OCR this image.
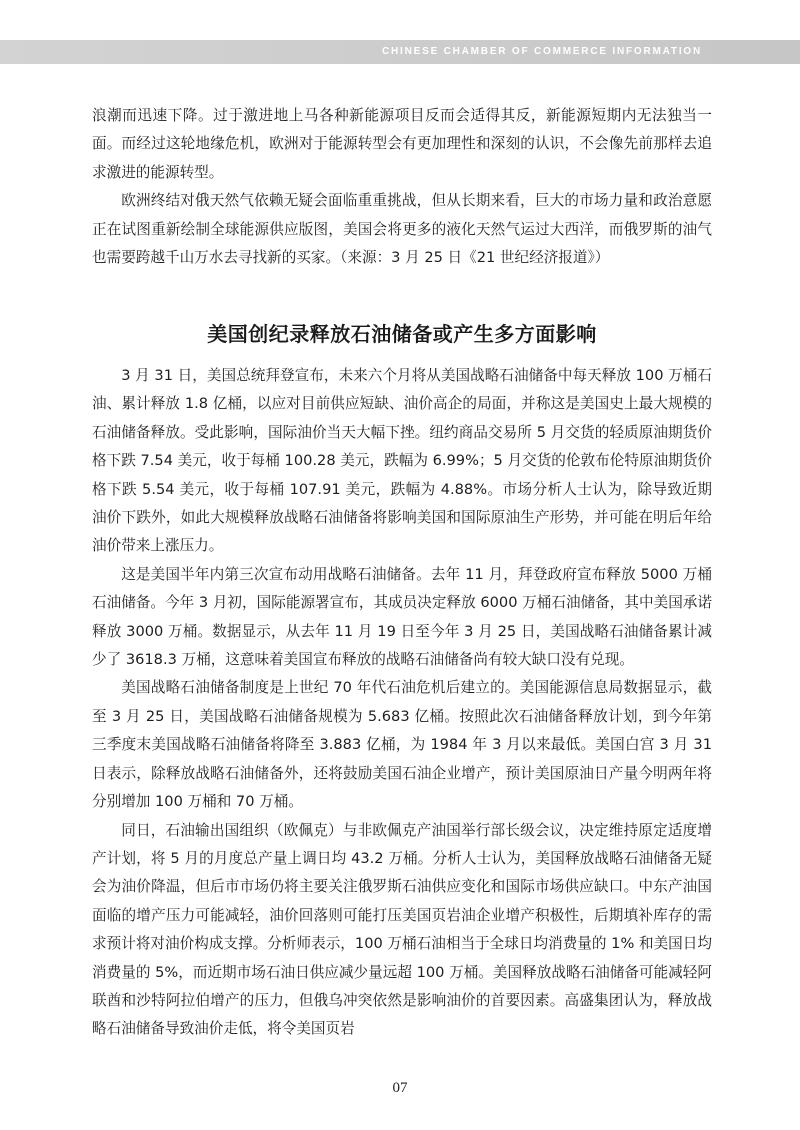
CHINESE CHAMBER OF COMMERCE INFORMATION

浪潮而迅速下降。过于激进地上马各种新能源项目反而会适得其反，新能源短期内无法独当一面。而经过这轮地缘危机，欧洲对于能源转型会有更加理性和深刻的认识，不会像先前那样去追求激进的能源转型。

欧洲终结对俄天然气依赖无疑会面临重重挑战，但从长期来看，巨大的市场力量和政治意愿正在试图重新绘制全球能源供应版图，美国会将更多的液化天然气运过大西洋，而俄罗斯的油气也需要跨越千山万水去寻找新的买家。（来源：3 月 25 日《21 世纪经济报道》）

美国创纪录释放石油储备或产生多方面影响

3 月 31 日，美国总统拜登宣布，未来六个月将从美国战略石油储备中每天释放 100 万桶石油、累计释放 1.8 亿桶，以应对目前供应短缺、油价高企的局面，并称这是美国史上最大规模的石油储备释放。受此影响，国际油价当天大幅下挫。纽约商品交易所 5 月交货的轻质原油期货价格下跌 7.54 美元，收于每桶 100.28 美元，跌幅为 6.99%；5 月交货的伦敦布伦特原油期货价格下跌 5.54 美元，收于每桶 107.91 美元，跌幅为 4.88%。市场分析人士认为，除导致近期油价下跌外，如此大规模释放战略石油储备将影响美国和国际原油生产形势，并可能在明后年给油价带来上涨压力。

这是美国半年内第三次宣布动用战略石油储备。去年 11 月，拜登政府宣布释放 5000 万桶石油储备。今年 3 月初，国际能源署宣布，其成员决定释放 6000 万桶石油储备，其中美国承诺释放 3000 万桶。数据显示，从去年 11 月 19 日至今年 3 月 25 日，美国战略石油储备累计减少了 3618.3 万桶，这意味着美国宣布释放的战略石油储备尚有较大缺口没有兑现。

美国战略石油储备制度是上世纪 70 年代石油危机后建立的。美国能源信息局数据显示，截至 3 月 25 日，美国战略石油储备规模为 5.683 亿桶。按照此次石油储备释放计划，到今年第三季度末美国战略石油储备将降至 3.883 亿桶，为 1984 年 3 月以来最低。美国白宫 3 月 31 日表示，除释放战略石油储备外，还将鼓励美国石油企业增产，预计美国原油日产量今明两年将分别增加 100 万桶和 70 万桶。

同日，石油输出国组织（欧佩克）与非欧佩克产油国举行部长级会议，决定维持原定适度增产计划，将 5 月的月度总产量上调日均 43.2 万桶。分析人士认为，美国释放战略石油储备无疑会为油价降温，但后市市场仍将主要关注俄罗斯石油供应变化和国际市场供应缺口。中东产油国面临的增产压力可能减轻，油价回落则可能打压美国页岩油企业增产积极性，后期填补库存的需求预计将对油价构成支撑。分析师表示，100 万桶石油相当于全球日均消费量的 1% 和美国日均消费量的 5%，而近期市场石油日供应减少量远超 100 万桶。美国释放战略石油储备可能减轻阿联酋和沙特阿拉伯增产的压力，但俄乌冲突依然是影响油价的首要因素。高盛集团认为，释放战略石油储备导致油价走低，将令美国页岩

07
